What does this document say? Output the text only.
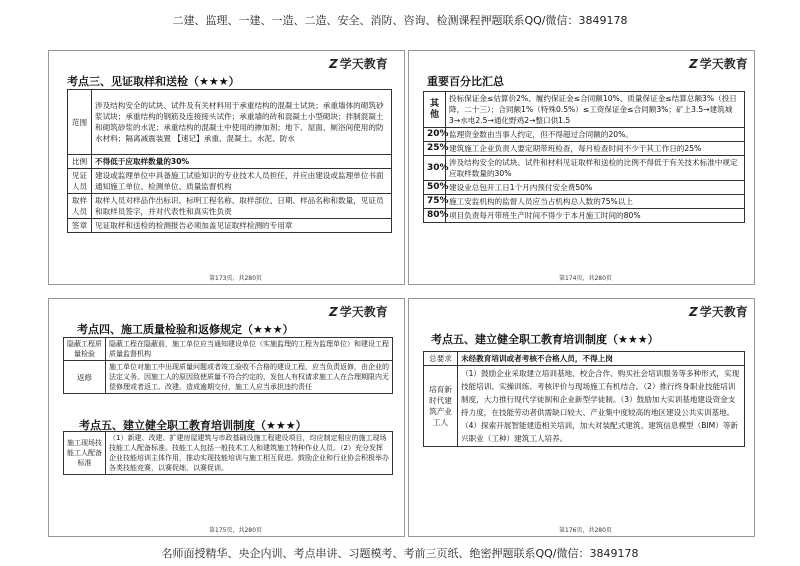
二建、监理、一建、一造、二造、安全、消防、咨询、检测课程押题联系QQ/微信：3849178
Z 学天教育
考点三、见证取样和送检（★★★）
范围	涉及结构安全的试块、试件及有关材料用于承重结构的混凝土试块；承重墙体的砌筑砂浆试块；承重结构的钢筋及连接接头试件；承重墙的砖和混凝土小型砌块；拌制混凝土和砌筑砂浆的水泥；承重结构的混凝土中使用的掺加剂；地下、屋面、厕浴间使用的防水材料；隔离减震装置 【速记】承重、混凝土、水泥、防水
比例	不得低于应取样数量的30%
见证人员	建设或监理单位中具备施工试验知识的专业技术人员担任，并应由建设或监理单位书面通知施工单位、检测单位、质量监督机构
取样人员	取样人员对样品作出标识、标明工程名称、取样部位、日期、样品名称和数量，见证员和取样员签字，并对代表性和真实性负责
签章	见证取样和送检的检测报告必须加盖见证取样检测的专用章
第173页，共280页
Z 学天教育
重要百分比汇总
其他	投标保证金≤估算价2%、履约保证金≤合同额10%、质量保证金≤结算总额3%（投日降，二十三）；合同额1%（特殊0.5%）≤工资保证金≤合同额3%；矿上3.5→建筑城3→水电2.5→通化野鸡2→整口供1.5
20%	监理资金数由当事人约定，但不得超过合同额的20%。
25%	建筑施工企业负责人要定期带班检查，每月检查时间不少于其工作日的25%
30%	涉及结构安全的试块、试件和材料见证取样和送检的比例不得低于有关技术标准中规定应取样数量的30%
50%	建设业总包开工日1个月内预付安全费50%
75%	施工安监机构的监督人员应当占机构总人数的75%以上
80%	项目负责每月带班生产时间不得少于本月施工时间的80%
第174页，共280页
Z 学天教育
考点四、施工质量检验和返修规定（★★★）
隐蔽工程质量检验	隐蔽工程在隐蔽前，施工单位应当通知建设单位（实施监理的工程为监理单位）和建设工程质量监督机构
返修	施工单位对施工中出现质量问题或者竣工验收不合格的建设工程，应当负责返修，由企业的法定义务。因施工人的原因致使质量不符合约定的，发包人有权请求施工人在合理期限内无偿修理或者返工、改建。造成逾期交付，施工人应当承担违约责任
考点五、建立健全职工教育培训制度（★★★）
施工现场技能工人配备标准	（1）新建、改建、扩建房屋建筑与市政基础设施工程建设项目，均应制定相应的施工现场技能工人配备标准。技能工人包括一般技术工人和建筑施工特种作业人员。（2）充分发挥企业技能培训主体作用，推动实现技能培训与施工相互促进。鼓励企业和行业协会积极举办各类技能竞赛，以赛促练，以赛促训。
第175页，共280页
Z 学天教育
考点五、建立健全职工教育培训制度（★★★）
总要求	未经教育培训或者考核不合格人员，不得上岗
培育新时代建筑产业工人	（1）鼓励企业采取建立培训基地、校企合作、购买社会培训服务等多种形式，实现技能培训、实操训练、考核评价与现场施工有机结合。（2）推行终身职业技能培训制度，大力推行现代学徒制和企业新型学徒制。（3）鼓励加大实训基地建设资金支持力度，在技能劳动者供需缺口较大、产业集中度较高的地区建设公共实训基地。（4）探索开展智能建造相关培训，加大对装配式建筑、建筑信息模型（BIM）等新兴职业（工种）建筑工人培养。
第176页，共280页
名师面授精华、央企内训、考点串讲、习题模考、考前三页纸、绝密押题联系QQ/微信：3849178
